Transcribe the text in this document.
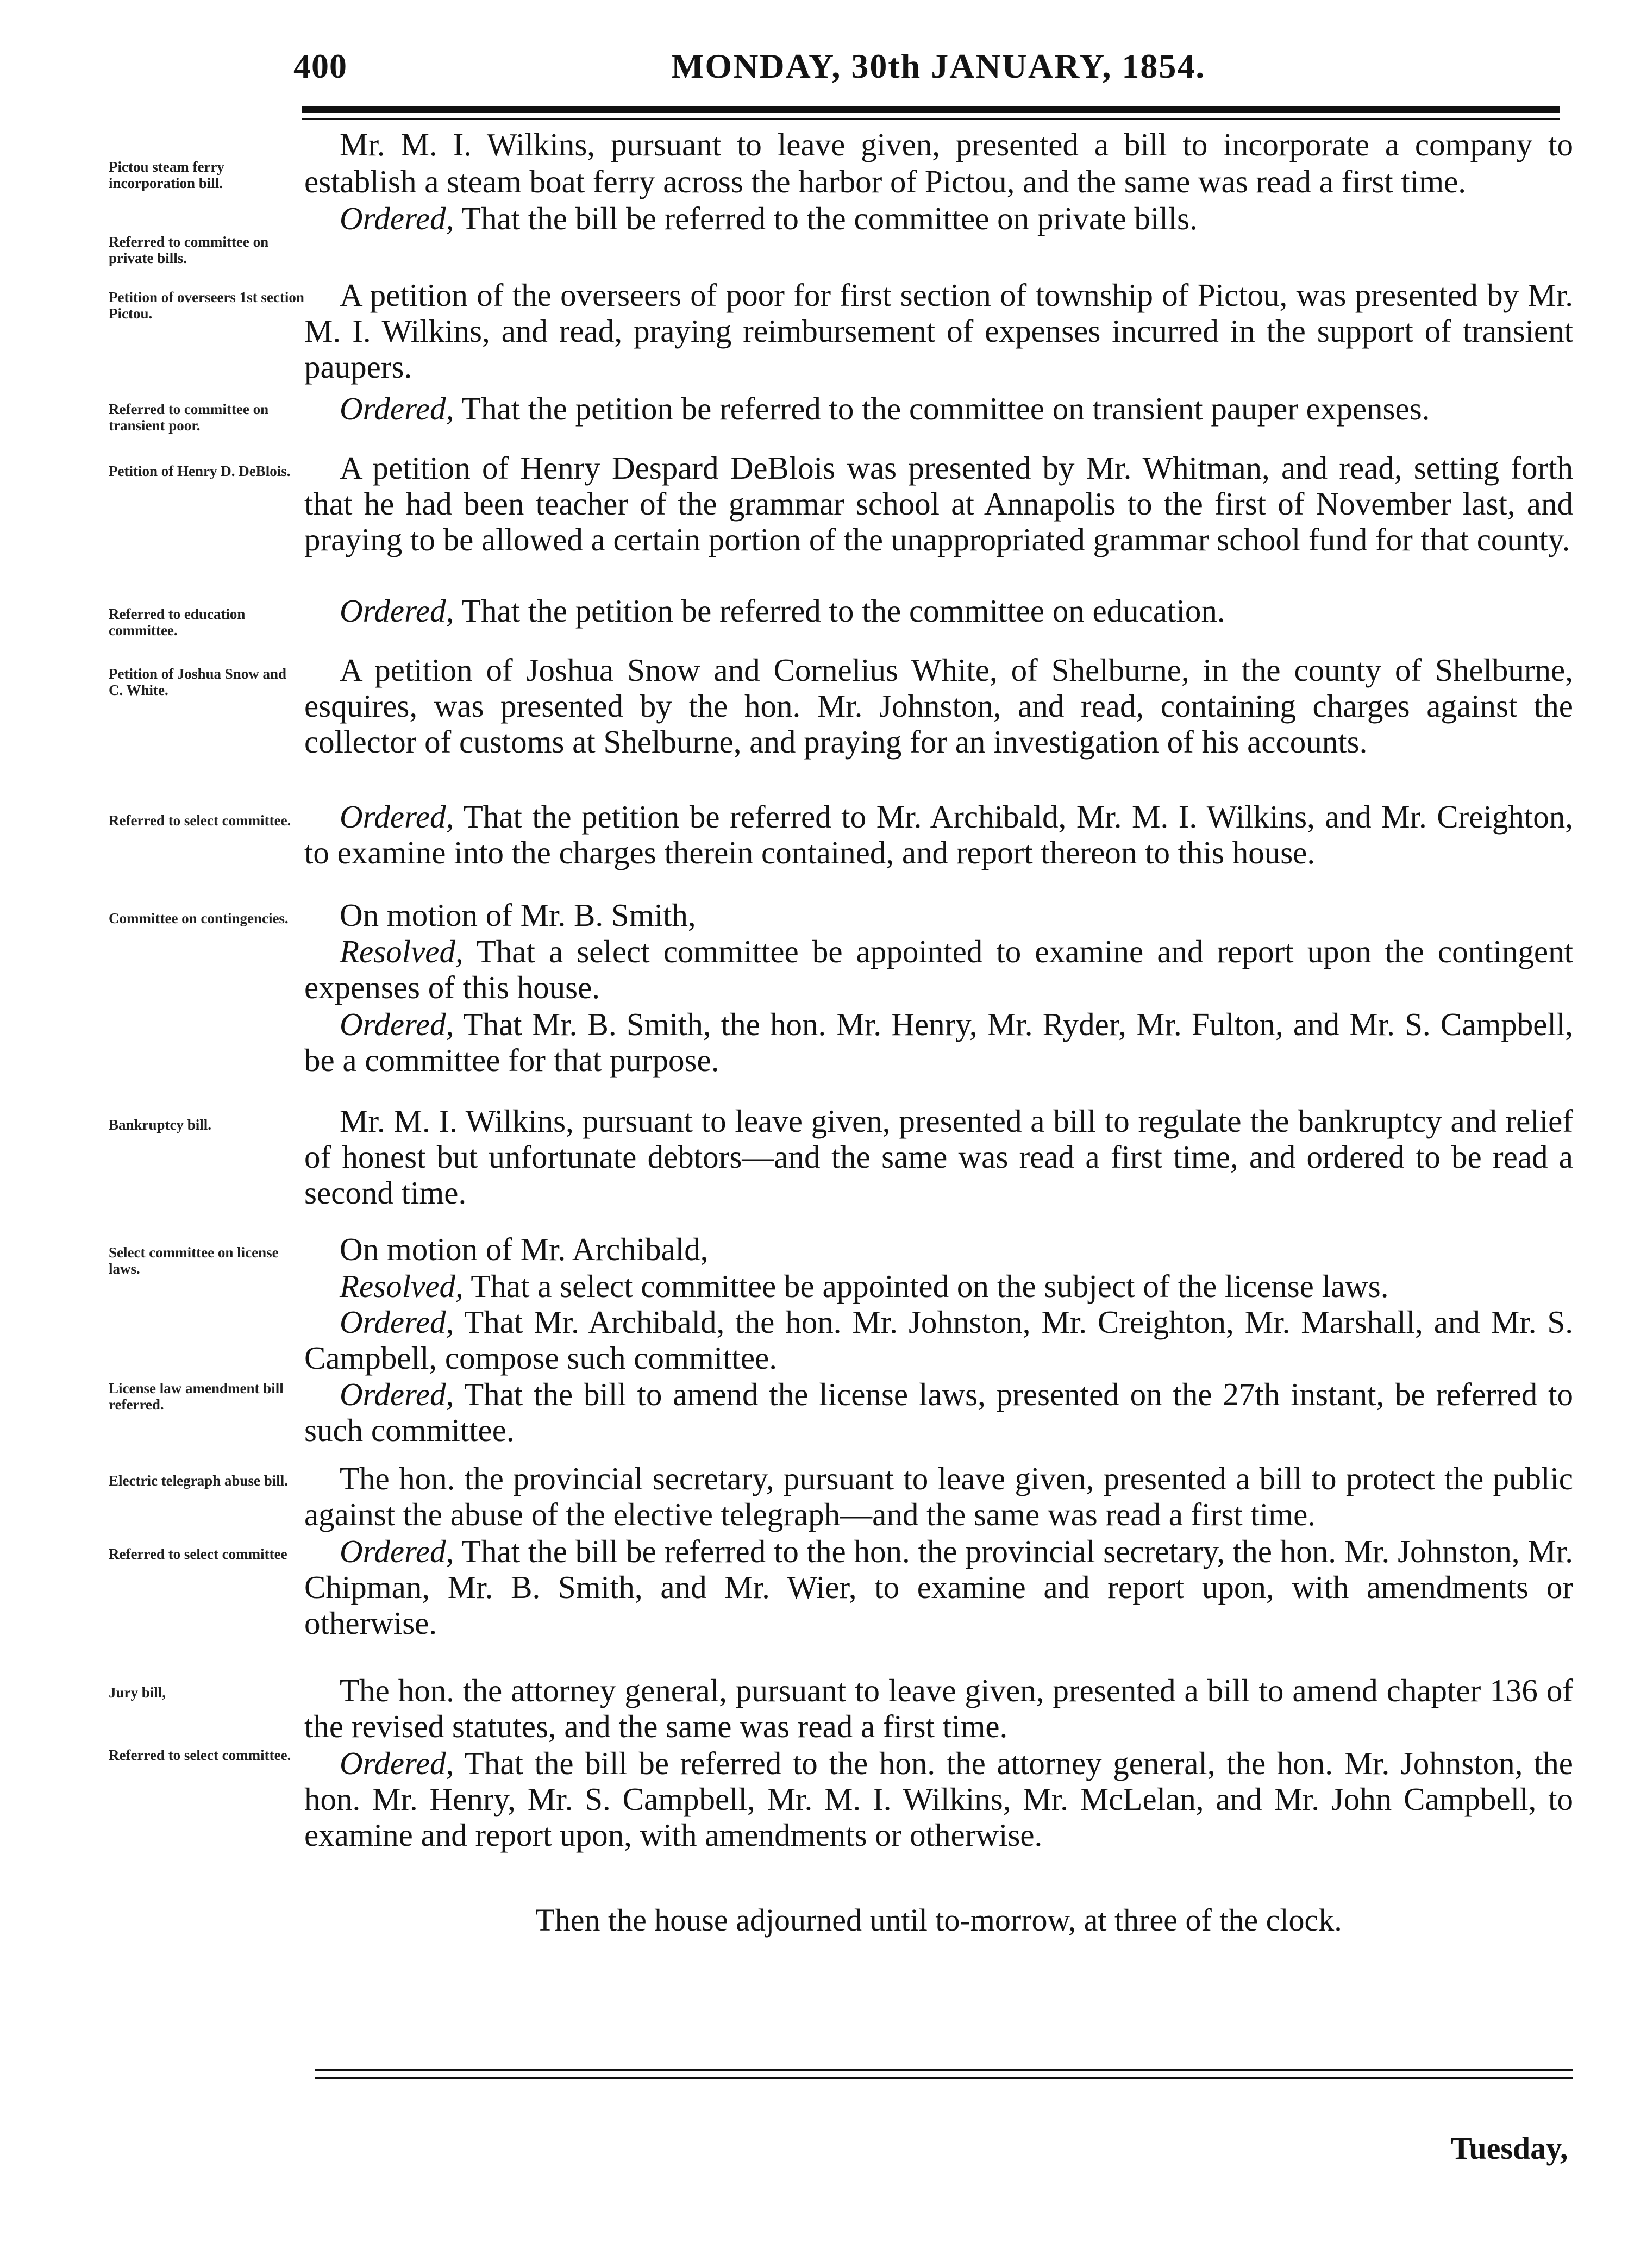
400	MONDAY, 30th JANUARY, 1854.
Pictou steam ferry incorporation bill.
Referred to committee on private bills.

Mr. M. I. Wilkins, pursuant to leave given, presented a bill to incorporate a company to establish a steam boat ferry across the harbor of Pictou, and the same was read a first time.

Ordered, That the bill be referred to the committee on private bills.

Petition of overseers 1st section Pictou.
Referred to committee on transient poor.

A petition of the overseers of poor for first section of township of Pictou, was presented by Mr. M. I. Wilkins, and read, praying reimbursement of expenses incurred in the support of transient paupers.

Ordered, That the petition be referred to the committee on transient pauper expenses.

Petition of Henry D. DeBlois.
Referred to education committee.

A petition of Henry Despard DeBlois was presented by Mr. Whitman, and read, setting forth that he had been teacher of the grammar school at Annapolis to the first of November last, and praying to be allowed a certain portion of the unappropriated grammar school fund for that county.

Ordered, That the petition be referred to the committee on education.

Petition of Joshua Snow and C. White.
Referred to select committee.

A petition of Joshua Snow and Cornelius White, of Shelburne, in the county of Shelburne, esquires, was presented by the hon. Mr. Johnston, and read, containing charges against the collector of customs at Shelburne, and praying for an investigation of his accounts.

Ordered, That the petition be referred to Mr. Archibald, Mr. M. I. Wilkins, and Mr. Creighton, to examine into the charges therein contained, and report thereon to this house.

Committee on contingencies.	On motion of Mr. B. Smith,

Resolved, That a select committee be appointed to examine and report upon the contingent expenses of this house.

Ordered, That Mr. B. Smith, the hon. Mr. Henry, Mr. Ryder, Mr. Fulton, and Mr. S. Campbell, be a committee for that purpose.

Bankruptcy bill.	Mr. M. I. Wilkins, pursuant to leave given, presented a bill to regulate the bankruptcy and relief of honest but unfortunate debtors—and the same was read a first time, and ordered to be read a second time.

Select committee on license laws.
License law amendment bill referred.

On motion of Mr. Archibald,

Resolved, That a select committee be appointed on the subject of the license laws.

Ordered, That Mr. Archibald, the hon. Mr. Johnston, Mr. Creighton, Mr. Marshall, and Mr. S. Campbell, compose such committee.

Ordered, That the bill to amend the license laws, presented on the 27th instant, be referred to such committee.

Electric telegraph abuse bill.
Referred to select committee

The hon. the provincial secretary, pursuant to leave given, presented a bill to protect the public against the abuse of the elective telegraph—and the same was read a first time.

Ordered, That the bill be referred to the hon. the provincial secretary, the hon. Mr. Johnston, Mr. Chipman, Mr. B. Smith, and Mr. Wier, to examine and report upon, with amendments or otherwise.

Jury bill,
Referred to select committee.

The hon. the attorney general, pursuant to leave given, presented a bill to amend chapter 136 of the revised statutes, and the same was read a first time.

Ordered, That the bill be referred to the hon. the attorney general, the hon. Mr. Johnston, the hon. Mr. Henry, Mr. S. Campbell, Mr. M. I. Wilkins, Mr. McLelan, and Mr. John Campbell, to examine and report upon, with amendments or otherwise.

Then the house adjourned until to-morrow, at three of the clock.
Tuesday,
